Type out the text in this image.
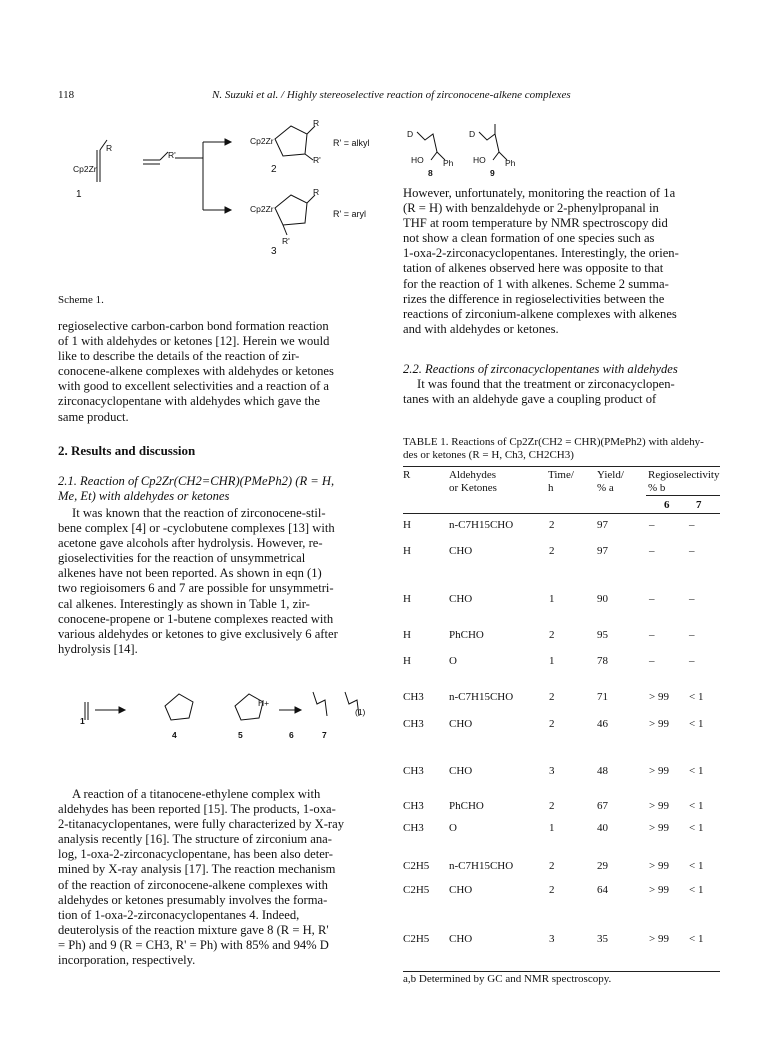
118	N. Suzuki et al. / Highly stereoselective reaction of zirconocene-alkene complexes
Cp2Zr
R
R'
1
Cp2Zr
R
R'
2
R' = alkyl
Cp2Zr
R
R'
3
R' = aryl
Scheme 1.
D
HO Ph
8
D
HO Ph
9
regioselective carbon-carbon bond formation reaction
of 1 with aldehydes or ketones [12]. Herein we would
like to describe the details of the reaction of zir-
conocene-alkene complexes with aldehydes or ketones
with good to excellent selectivities and a reaction of a
zirconacyclopentane with aldehydes which gave the
same product.
2. Results and discussion
2.1. Reaction of Cp2Zr(CH2=CHR)(PMePh2) (R = H,
Me, Et) with aldehydes or ketones
It was known that the reaction of zirconocene-stil-
bene complex [4] or -cyclobutene complexes [13] with
acetone gave alcohols after hydrolysis. However, re-
gioselectivities for the reaction of unsymmetrical
alkenes have not been reported. As shown in eqn (1)
two regioisomers 6 and 7 are possible for unsymmetri-
cal alkenes. Interestingly as shown in Table 1, zir-
conocene-propene or 1-butene complexes reacted with
various aldehydes or ketones to give exclusively 6 after
hydrolysis [14].
1
4	5	6	7
H+
(1)
A reaction of a titanocene-ethylene complex with
aldehydes has been reported [15]. The products, 1-oxa-
2-titanacyclopentanes, were fully characterized by X-ray
analysis recently [16]. The structure of zirconium ana-
log, 1-oxa-2-zirconacyclopentane, has been also deter-
mined by X-ray analysis [17]. The reaction mechanism
of the reaction of zirconocene-alkene complexes with
aldehydes or ketones presumably involves the forma-
tion of 1-oxa-2-zirconacyclopentanes 4. Indeed,
deuterolysis of the reaction mixture gave 8 (R = H, R'
= Ph) and 9 (R = CH3, R' = Ph) with 85% and 94% D
incorporation, respectively.
However, unfortunately, monitoring the reaction of 1a
(R = H) with benzaldehyde or 2-phenylpropanal in
THF at room temperature by NMR spectroscopy did
not show a clean formation of one species such as
1-oxa-2-zirconacyclopentanes. Interestingly, the orien-
tation of alkenes observed here was opposite to that
for the reaction of 1 with alkenes. Scheme 2 summa-
rizes the difference in regioselectivities between the
reactions of zirconium-alkene complexes with alkenes
and with aldehydes or ketones.
2.2. Reactions of zirconacyclopentanes with aldehydes
It was found that the treatment or zirconacyclopen-
tanes with an aldehyde gave a coupling product of
TABLE 1. Reactions of Cp2Zr(CH2 = CHR)(PMePh2) with aldehy-
des or ketones (R = H, Ch3, CH2CH3)
R	Aldehydes
or Ketones
Time/
h
Yield/
% a
Regioselectivity
% b
6 7
H	n-C7H15CHO	2	97	–	–
H	CHO	2	97	–	–
H	CHO	1	90	–	–
H	PhCHO	2	95	–	–
H	O	1	78	–	–
CH3 n-C7H15CHO	2	71	> 99 < 1
CH3 CHO	2	46	> 99 < 1
CH3 CHO	3	48	> 99 < 1
CH3 PhCHO	2	67	> 99 < 1
CH3 O	1	40	> 99 < 1
C2H5 n-C7H15CHO	2	29	> 99 < 1
C2H5 CHO	2	64	> 99 < 1
C2H5 CHO	3	35	> 99 < 1
a,b Determined by GC and NMR spectroscopy.
